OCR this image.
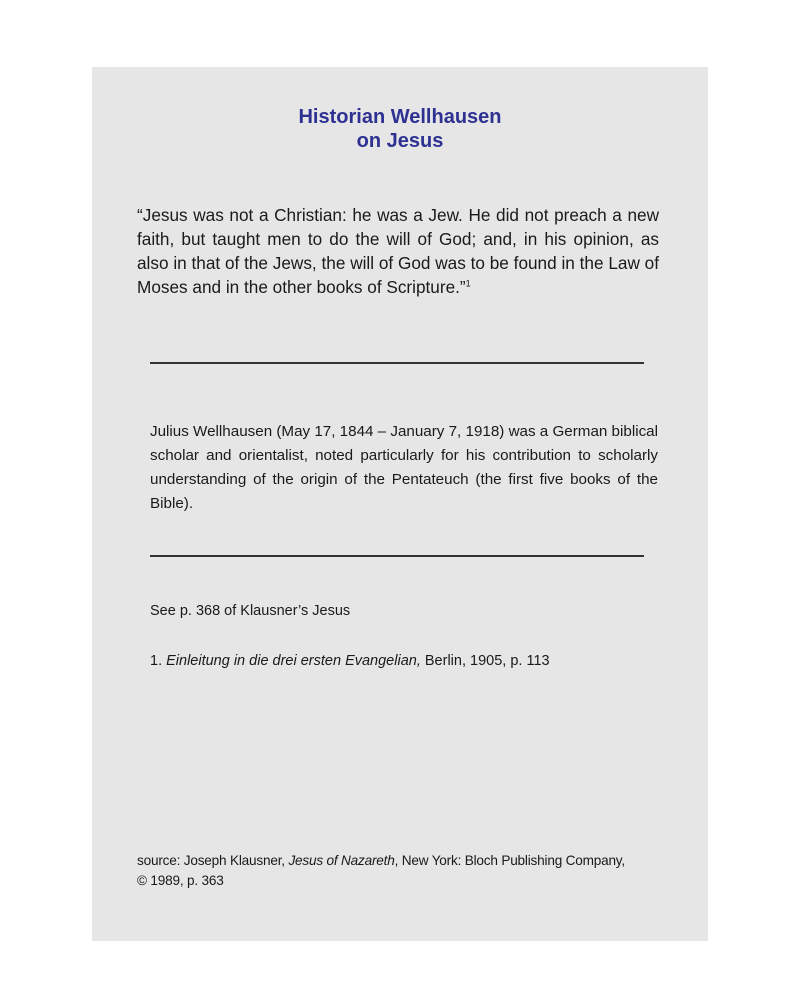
Historian Wellhausen
on Jesus

“Jesus was not a Christian: he was a Jew. He did not preach a new faith, but taught men to do the will of God; and, in his opinion, as also in that of the Jews, the will of God was to be found in the Law of Moses and in the other books of Scripture.”$^1$

Julius Wellhausen (May 17, 1844 – January 7, 1918) was a German biblical scholar and orientalist, noted particularly for his contribution to scholarly understanding of the origin of the Pentateuch (the first five books of the Bible).

See p. 368 of Klausner’s Jesus

1. Einleitung in die drei ersten Evangelian, Berlin, 1905, p. 113

source: Joseph Klausner, Jesus of Nazareth, New York: Bloch Publishing Company,
© 1989, p. 363
